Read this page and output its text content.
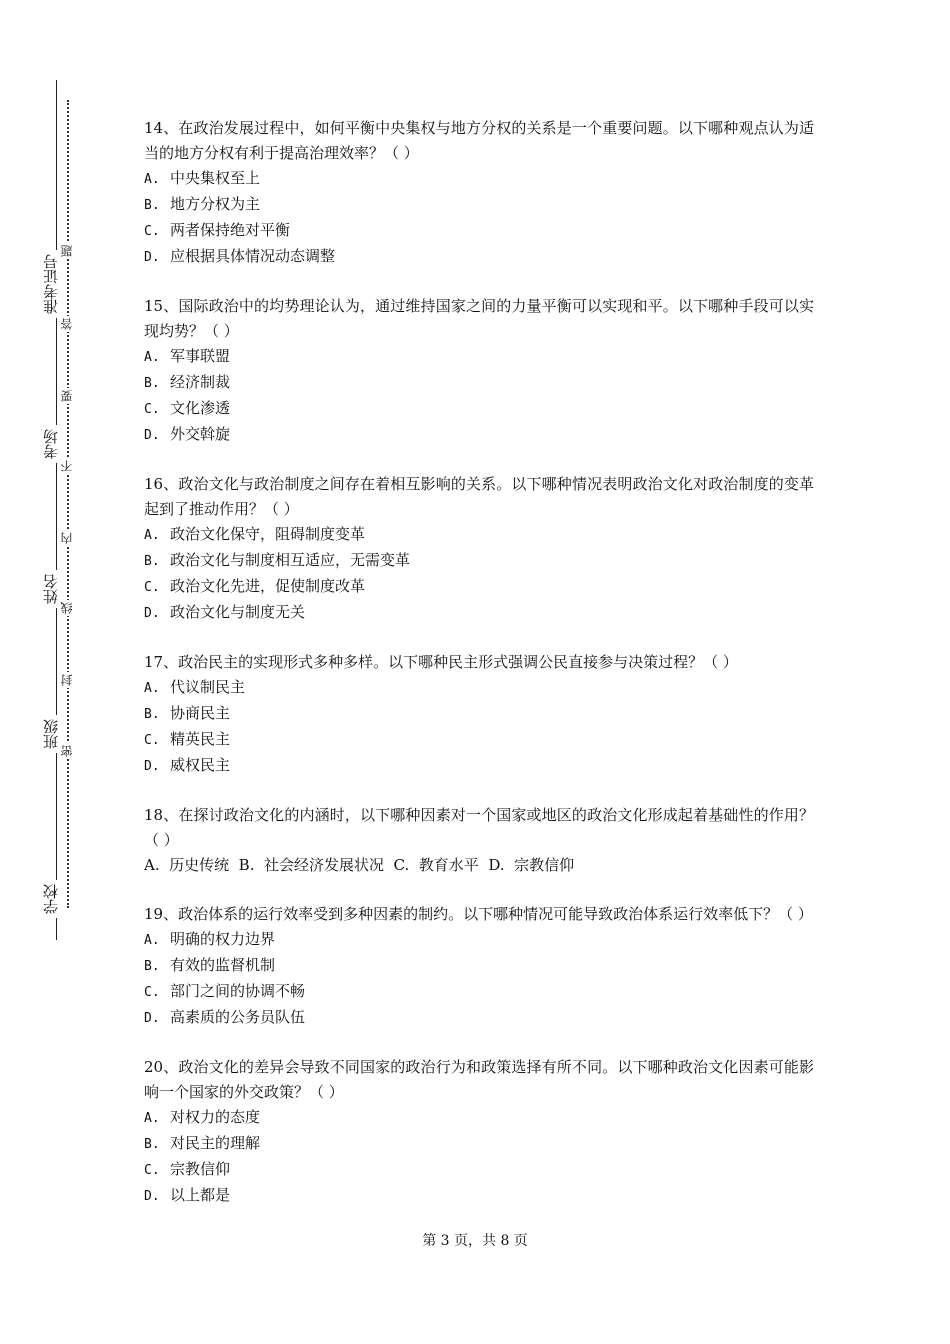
准考证号
考场
姓名
班级
学校
题
答
要
不
内
线
封
密
14、在政治发展过程中，如何平衡中央集权与地方分权的关系是一个重要问题。以下哪种观点认为适当的地方分权有利于提高治理效率？（ ）
A. 中央集权至上
B. 地方分权为主
C. 两者保持绝对平衡
D. 应根据具体情况动态调整
15、国际政治中的均势理论认为，通过维持国家之间的力量平衡可以实现和平。以下哪种手段可以实现均势？（ ）
A. 军事联盟
B. 经济制裁
C. 文化渗透
D. 外交斡旋
16、政治文化与政治制度之间存在着相互影响的关系。以下哪种情况表明政治文化对政治制度的变革起到了推动作用？（ ）
A. 政治文化保守，阻碍制度变革
B. 政治文化与制度相互适应，无需变革
C. 政治文化先进，促使制度改革
D. 政治文化与制度无关
17、政治民主的实现形式多种多样。以下哪种民主形式强调公民直接参与决策过程？（ ）
A. 代议制民主
B. 协商民主
C. 精英民主
D. 威权民主
18、在探讨政治文化的内涵时，以下哪种因素对一个国家或地区的政治文化形成起着基础性的作用？（ ）
A.  历史传统  B.  社会经济发展状况  C.  教育水平  D.  宗教信仰
19、政治体系的运行效率受到多种因素的制约。以下哪种情况可能导致政治体系运行效率低下？（ ）
A. 明确的权力边界
B. 有效的监督机制
C. 部门之间的协调不畅
D. 高素质的公务员队伍
20、政治文化的差异会导致不同国家的政治行为和政策选择有所不同。以下哪种政治文化因素可能影响一个国家的外交政策？（ ）
A. 对权力的态度
B. 对民主的理解
C. 宗教信仰
D. 以上都是
第 3 页，共 8 页
